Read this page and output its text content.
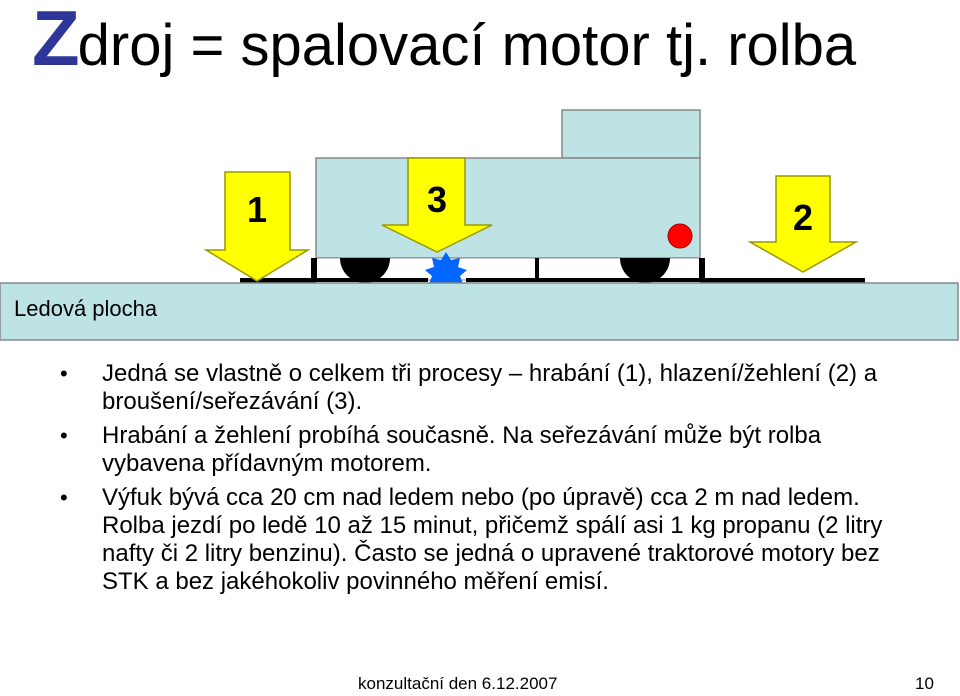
Zdroj = spalovací motor tj. rolba
1	3	2
Ledová plocha
• Jedná se vlastně o celkem tři procesy – hrabání (1), hlazení/žehlení (2) a broušení/seřezávání (3).
• Hrabání a žehlení probíhá současně. Na seřezávání může být rolba vybavena přídavným motorem.
• Výfuk bývá cca 20 cm nad ledem nebo (po úpravě) cca 2 m nad ledem. Rolba jezdí po ledě 10 až 15 minut, přičemž spálí asi 1 kg propanu (2 litry nafty či 2 litry benzinu). Často se jedná o upravené traktorové motory bez STK a bez jakéhokoliv povinného měření emisí.
konzultační den 6.12.2007	10
